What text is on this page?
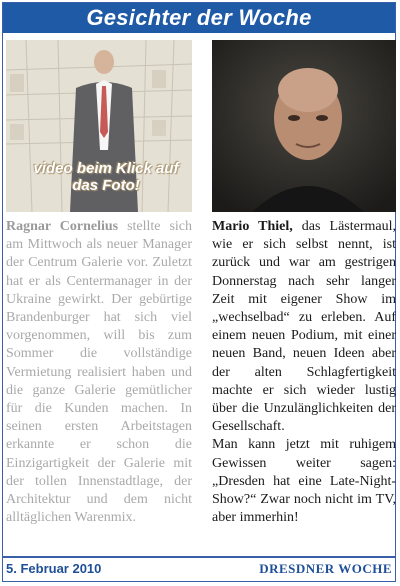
Gesichter der Woche
video beim Klick auf das Foto!

Ragnar Cornelius stellte sich am Mittwoch als neuer Manager der Centrum Galerie vor. Zuletzt hat er als Centermanager in der Ukraine gewirkt. Der gebürtige Brandenburger hat sich viel vorgenommen, will bis zum Sommer die vollständige Vermietung realisiert haben und die ganze Galerie gemütlicher für die Kunden machen. In seinen ersten Arbeitstagen erkannte er schon die Einzigartigkeit der Galerie mit der tollen Innenstadtlage, der Architektur und dem nicht alltäglichen Warenmix.

Mario Thiel, das Lästermaul, wie er sich selbst nennt, ist zurück und war am gestrigen Donnerstag nach sehr langer Zeit mit eigener Show im „wechselbad“ zu erleben. Auf einem neuen Podium, mit einer neuen Band, neuen Ideen aber der alten Schlagfertigkeit machte er sich wieder lustig über die Unzulänglichkeiten der Gesellschaft.

Man kann jetzt mit ruhigem Gewissen weiter sagen: „Dresden hat eine Late-Night-Show?“ Zwar noch nicht im TV, aber immerhin!

5. Februar 2010	DRESDNER WOCHE
